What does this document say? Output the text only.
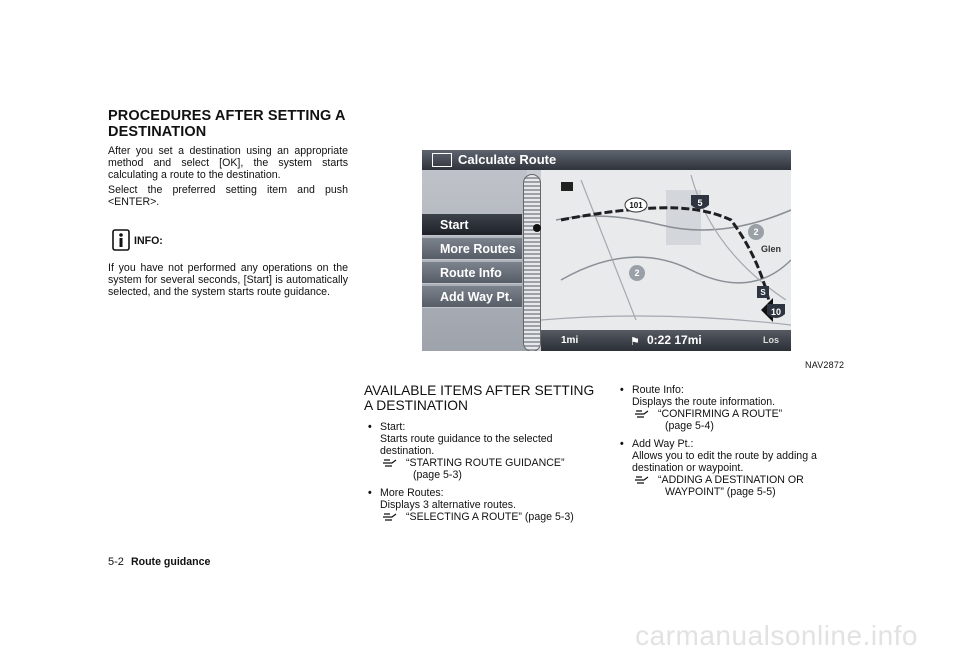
PROCEDURES AFTER SETTING A DESTINATION
After you set a destination using an appropriate method and select [OK], the system starts calculating a route to the destination.
Select the preferred setting item and push <ENTER>.
INFO:
If you have not performed any operations on the system for several seconds, [Start] is automatically selected, and the system starts route guidance.
Calculate Route
Start
More Routes
Route Info
Add Way Pt.
5
101
2
2
Glen
S
10
1mi	⚑ 0:22 17mi	Los
NAV2872
AVAILABLE ITEMS AFTER SETTING A DESTINATION
• Start:
Starts route guidance to the selected destination.
“STARTING ROUTE GUIDANCE”

(page 5-3)
• More Routes:
Displays 3 alternative routes.
“SELECTING A ROUTE” (page 5-3)
• Route Info:
Displays the route information.
“CONFIRMING A ROUTE”

(page 5-4)
• Add Way Pt.:
Allows you to edit the route by adding a destination or waypoint.
“ADDING A DESTINATION OR

WAYPOINT” (page 5-5)
5-2 Route guidance
carmanualsonline.info
